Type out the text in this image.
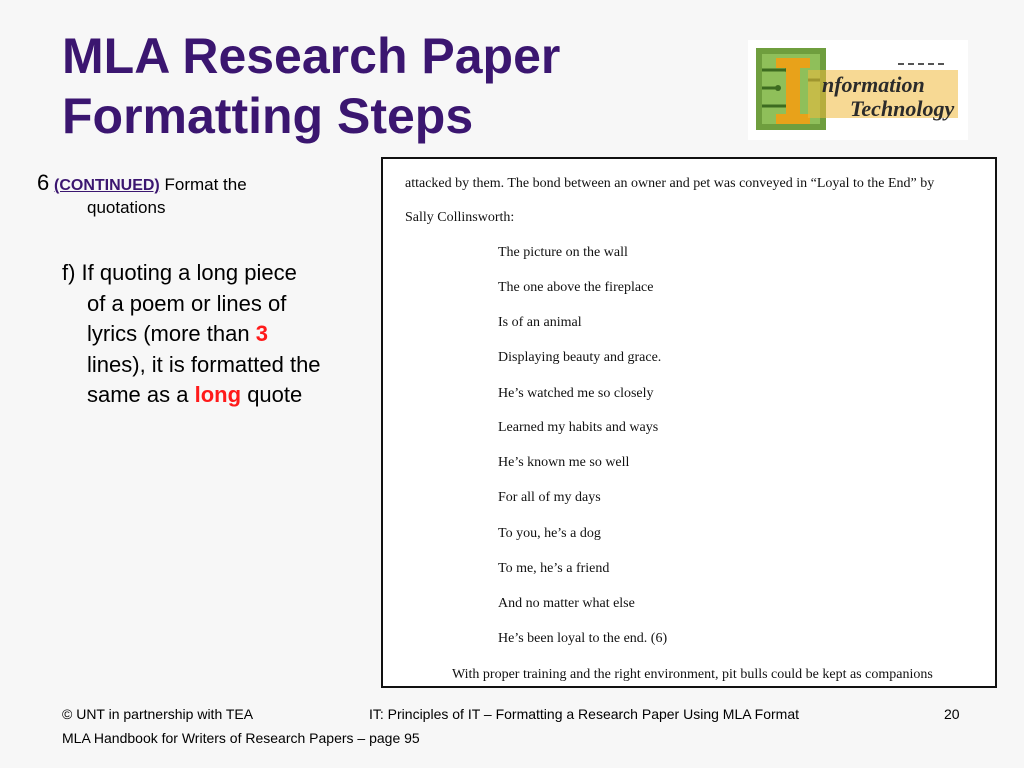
MLA Research Paper
Formatting Steps
nformation
Technology
6 (CONTINUED) Format the
quotations
f) If quoting a long piece
of a poem or lines of
lyrics (more than 3
lines), it is formatted the
same as a long quote
attacked by them. The bond between an owner and pet was conveyed in “Loyal to the End” by
Sally Collinsworth:
The picture on the wall
The one above the fireplace
Is of an animal
Displaying beauty and grace.
He’s watched me so closely
Learned my habits and ways
He’s known me so well
For all of my days
To you, he’s a dog
To me, he’s a friend
And no matter what else
He’s been loyal to the end. (6)
With proper training and the right environment, pit bulls could be kept as companions
© UNT in partnership with TEA	IT: Principles of IT – Formatting a Research Paper Using MLA Format	20
MLA Handbook for Writers of Research Papers – page 95
